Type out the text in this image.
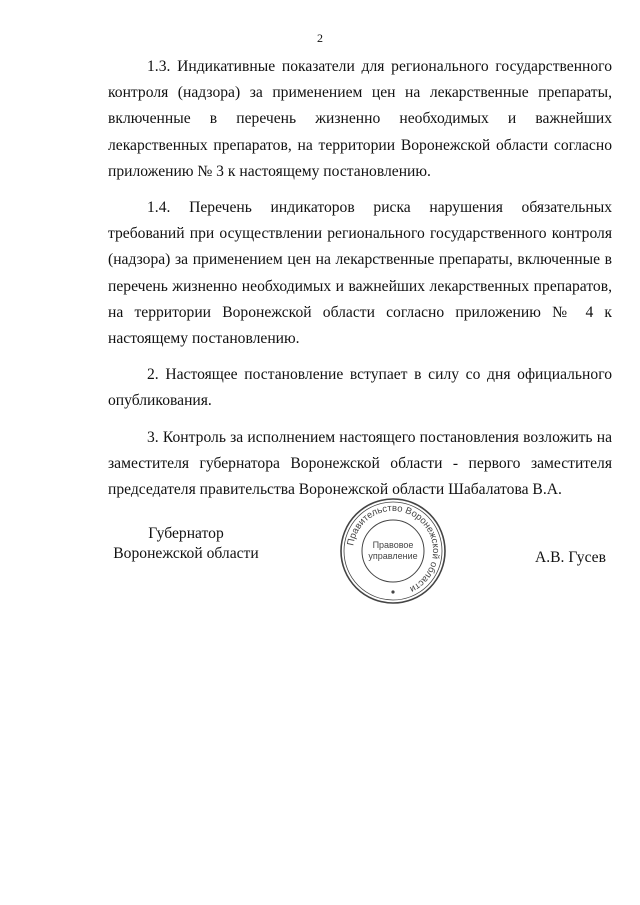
2

1.3. Индикативные показатели для регионального государственного контроля (надзора) за применением цен на лекарственные препараты, включенные в перечень жизненно необходимых и важнейших лекарственных препаратов, на территории Воронежской области согласно приложению № 3 к настоящему постановлению.

1.4. Перечень индикаторов риска нарушения обязательных требований при осуществлении регионального государственного контроля (надзора) за применением цен на лекарственные препараты, включенные в перечень жизненно необходимых и важнейших лекарственных препаратов, на территории Воронежской области согласно приложению № 4 к настоящему постановлению.

2. Настоящее постановление вступает в силу со дня официального опубликования.

3. Контроль за исполнением настоящего постановления возложить на заместителя губернатора Воронежской области - первого заместителя председателя правительства Воронежской области Шабалатова В.А.

Губернатор
Воронежской области	А.В. Гусев
Правительство Воронежской области
Правовое
управление
